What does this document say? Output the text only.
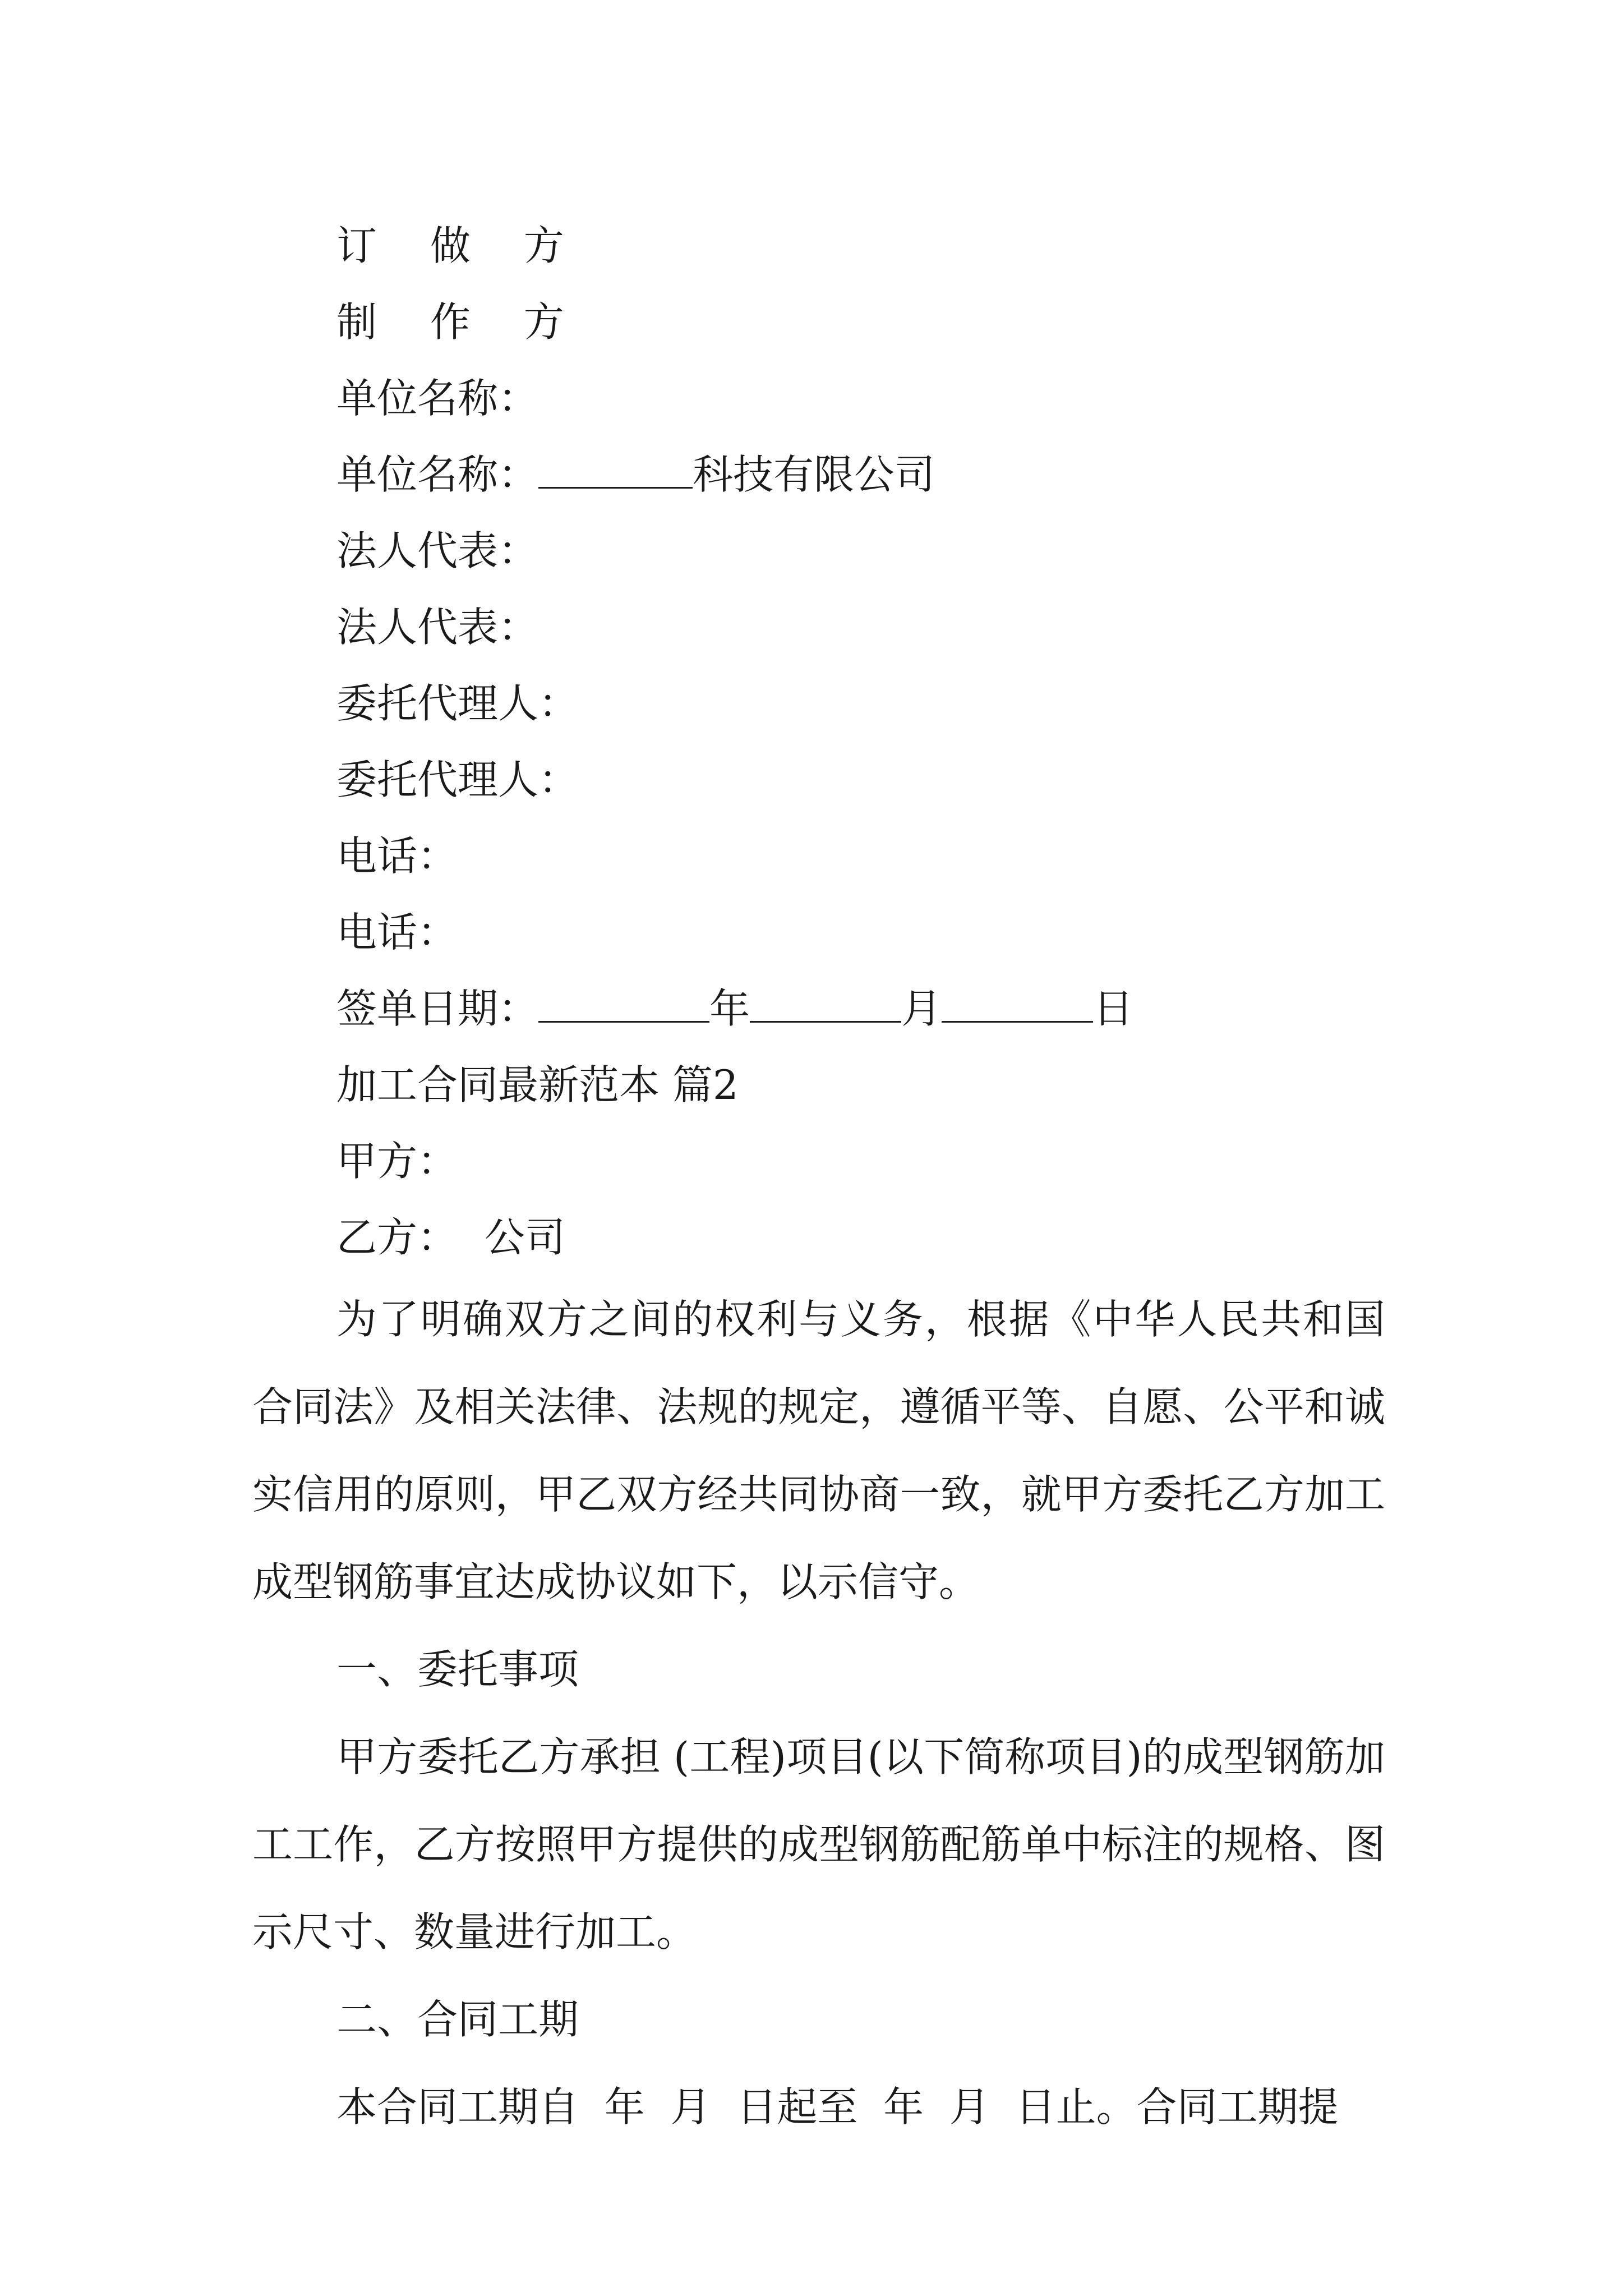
订 做 方
制 作 方
单位名称：
单位名称：	科技有限公司
法人代表：
法人代表：
委托代理人：
委托代理人：
电话：
电话：
签单日期：	年	月	日
加工合同最新范本 篇2
甲方：
乙方： 公司

为了明确双方之间的权利与义务，根据《中华人民共和国合同法》及相关法律、法规的规定，遵循平等、自愿、公平和诚实信用的原则，甲乙双方经共同协商一致，就甲方委托乙方加工成型钢筋事宜达成协议如下，以示信守。

一、委托事项

甲方委托乙方承担 (工程)项目(以下简称项目)的成型钢筋加工工作，乙方按照甲方提供的成型钢筋配筋单中标注的规格、图示尺寸、数量进行加工。

二、合同工期

本合同工期自  年  月  日起至  年  月  日止。合同工期提
